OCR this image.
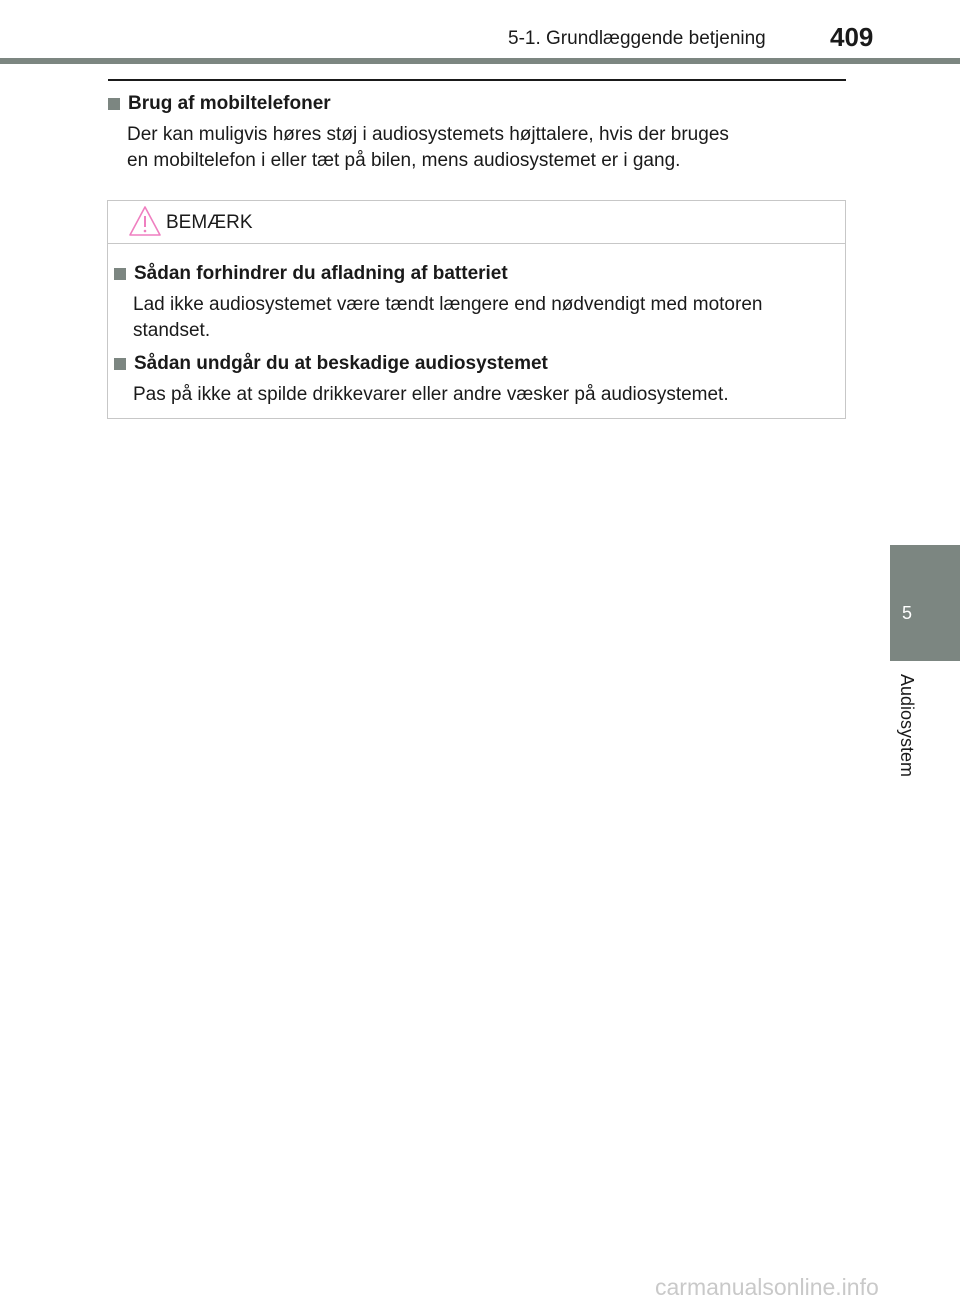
5-1. Grundlæggende betjening 409
Brug af mobiltelefoner
Der kan muligvis høres støj i audiosystemets højttalere, hvis der bruges
en mobiltelefon i eller tæt på bilen, mens audiosystemet er i gang.
BEMÆRK
Sådan forhindrer du afladning af batteriet
Lad ikke audiosystemet være tændt længere end nødvendigt med motoren
standset.
Sådan undgår du at beskadige audiosystemet
Pas på ikke at spilde drikkevarer eller andre væsker på audiosystemet.
5
Audiosystem
carmanualsonline.info
